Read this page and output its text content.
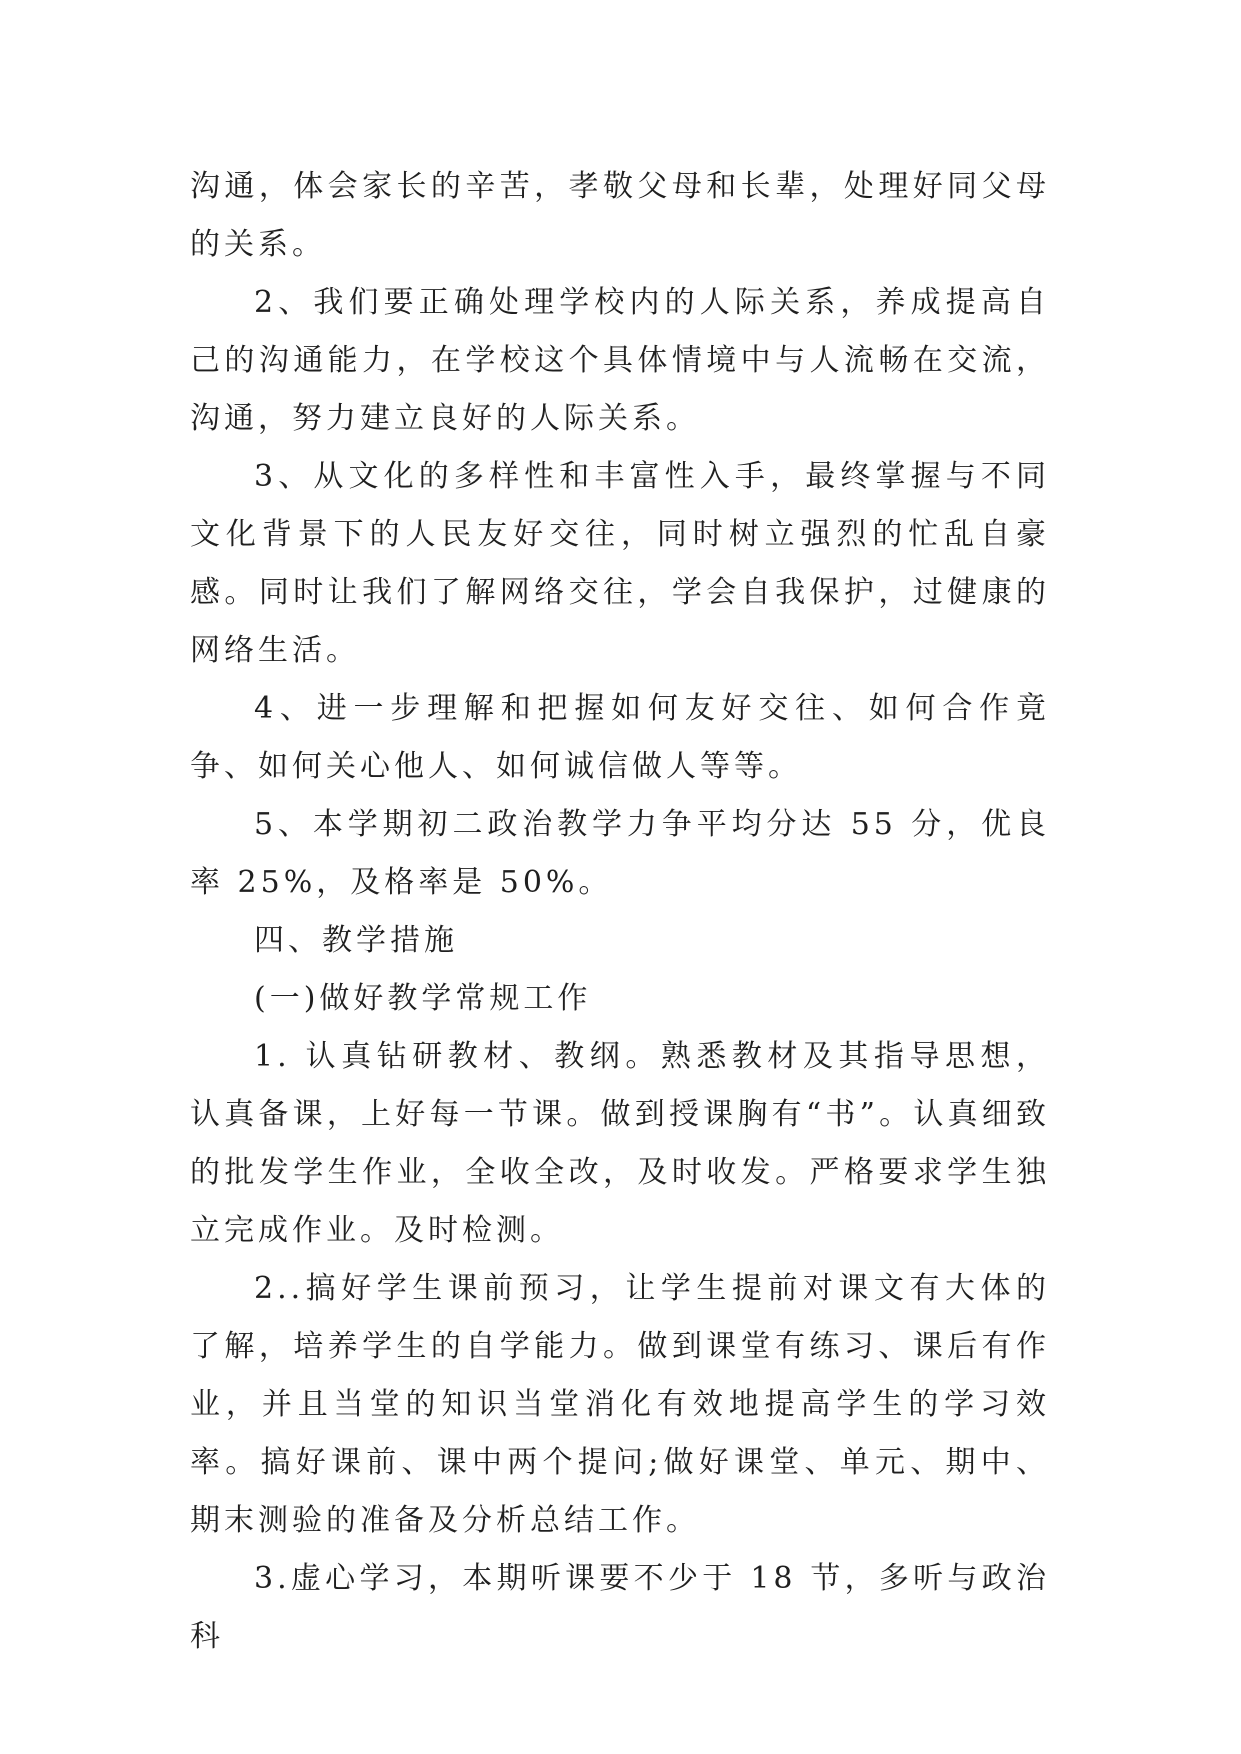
沟通，体会家长的辛苦，孝敬父母和长辈，处理好同父母的关系。

2、我们要正确处理学校内的人际关系，养成提高自己的沟通能力，在学校这个具体情境中与人流畅在交流，沟通，努力建立良好的人际关系。

3、从文化的多样性和丰富性入手，最终掌握与不同文化背景下的人民友好交往，同时树立强烈的忙乱自豪感。同时让我们了解网络交往，学会自我保护，过健康的网络生活。

4、进一步理解和把握如何友好交往、如何合作竟争、如何关心他人、如何诚信做人等等。

5、本学期初二政治教学力争平均分达 55 分，优良率 25%，及格率是 50%。

四、教学措施

(一)做好教学常规工作

1. 认真钻研教材、教纲。熟悉教材及其指导思想，认真备课，上好每一节课。做到授课胸有“书”。认真细致的批发学生作业，全收全改，及时收发。严格要求学生独立完成作业。及时检测。

2..搞好学生课前预习，让学生提前对课文有大体的了解，培养学生的自学能力。做到课堂有练习、课后有作业，并且当堂的知识当堂消化有效地提高学生的学习效率。搞好课前、课中两个提问;做好课堂、单元、期中、期末测验的准备及分析总结工作。

3.虚心学习，本期听课要不少于 18 节，多听与政治科
